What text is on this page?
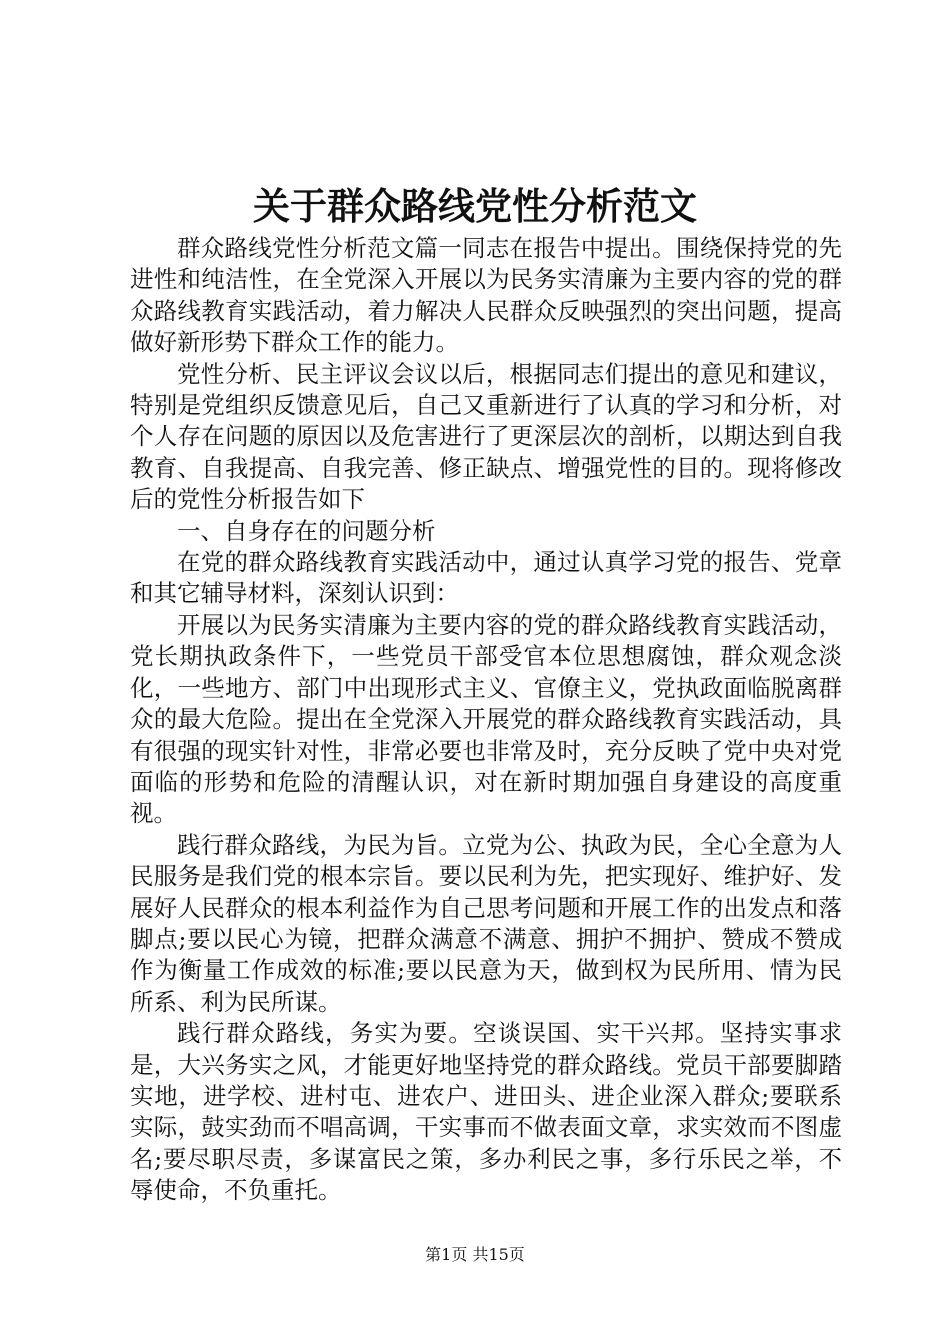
关于群众路线党性分析范文

群众路线党性分析范文篇一同志在报告中提出。围绕保持党的先进性和纯洁性，在全党深入开展以为民务实清廉为主要内容的党的群众路线教育实践活动，着力解决人民群众反映强烈的突出问题，提高做好新形势下群众工作的能力。

党性分析、民主评议会议以后，根据同志们提出的意见和建议，特别是党组织反馈意见后，自己又重新进行了认真的学习和分析，对个人存在问题的原因以及危害进行了更深层次的剖析，以期达到自我教育、自我提高、自我完善、修正缺点、增强党性的目的。现将修改后的党性分析报告如下

一、自身存在的问题分析

在党的群众路线教育实践活动中，通过认真学习党的报告、党章和其它辅导材料，深刻认识到：

开展以为民务实清廉为主要内容的党的群众路线教育实践活动，党长期执政条件下，一些党员干部受官本位思想腐蚀，群众观念淡化，一些地方、部门中出现形式主义、官僚主义，党执政面临脱离群众的最大危险。提出在全党深入开展党的群众路线教育实践活动，具有很强的现实针对性，非常必要也非常及时，充分反映了党中央对党面临的形势和危险的清醒认识，对在新时期加强自身建设的高度重视。

践行群众路线，为民为旨。立党为公、执政为民，全心全意为人民服务是我们党的根本宗旨。要以民利为先，把实现好、维护好、发展好人民群众的根本利益作为自己思考问题和开展工作的出发点和落脚点;要以民心为镜，把群众满意不满意、拥护不拥护、赞成不赞成作为衡量工作成效的标准;要以民意为天，做到权为民所用、情为民所系、利为民所谋。

践行群众路线，务实为要。空谈误国、实干兴邦。坚持实事求是，大兴务实之风，才能更好地坚持党的群众路线。党员干部要脚踏实地，进学校、进村屯、进农户、进田头、进企业深入群众;要联系实际，鼓实劲而不唱高调，干实事而不做表面文章，求实效而不图虚名;要尽职尽责，多谋富民之策，多办利民之事，多行乐民之举，不辱使命，不负重托。

第1页 共15页
